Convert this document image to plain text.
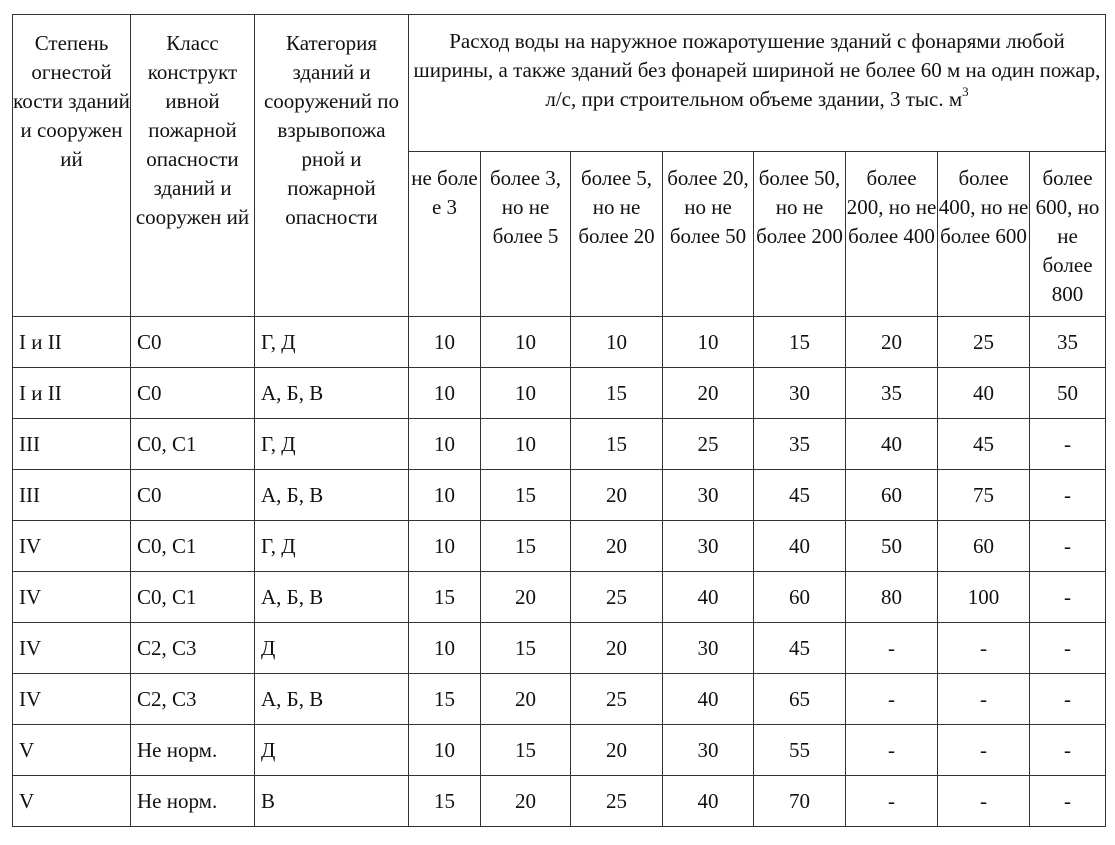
Степень огнестой кости зданий и сооружен ий	Класс конструкт ивной пожарной опасности зданий и сооружен ий	Категория зданий и сооружений по взрывопожа рной и пожарной опасности	Расход воды на наружное пожаротушение зданий с фонарями любой ширины, а также зданий без фонарей шириной не более 60 м на один пожар, л/с, при строительном объеме здании, 3 тыс. $м^3$
			не боле е 3	более 3, но не более 5	более 5, но не более 20	более 20, но не более 50	более 50, но не более 200	более 200, но не более 400	более 400, но не более 600	более 600, но не более 800
I и II	С0	Г, Д	10	10	10	10	15	20	25	35
I и II	С0	А, Б, В	10	10	15	20	30	35	40	50
III	С0, С1	Г, Д	10	10	15	25	35	40	45	-
III	С0	А, Б, В	10	15	20	30	45	60	75	-
IV	С0, С1	Г, Д	10	15	20	30	40	50	60	-
IV	С0, С1	А, Б, В	15	20	25	40	60	80	100	-
IV	С2, С3	Д	10	15	20	30	45	-	-	-
IV	С2, С3	А, Б, В	15	20	25	40	65	-	-	-
V	Не норм.	Д	10	15	20	30	55	-	-	-
V	Не норм.	В	15	20	25	40	70	-	-	-
